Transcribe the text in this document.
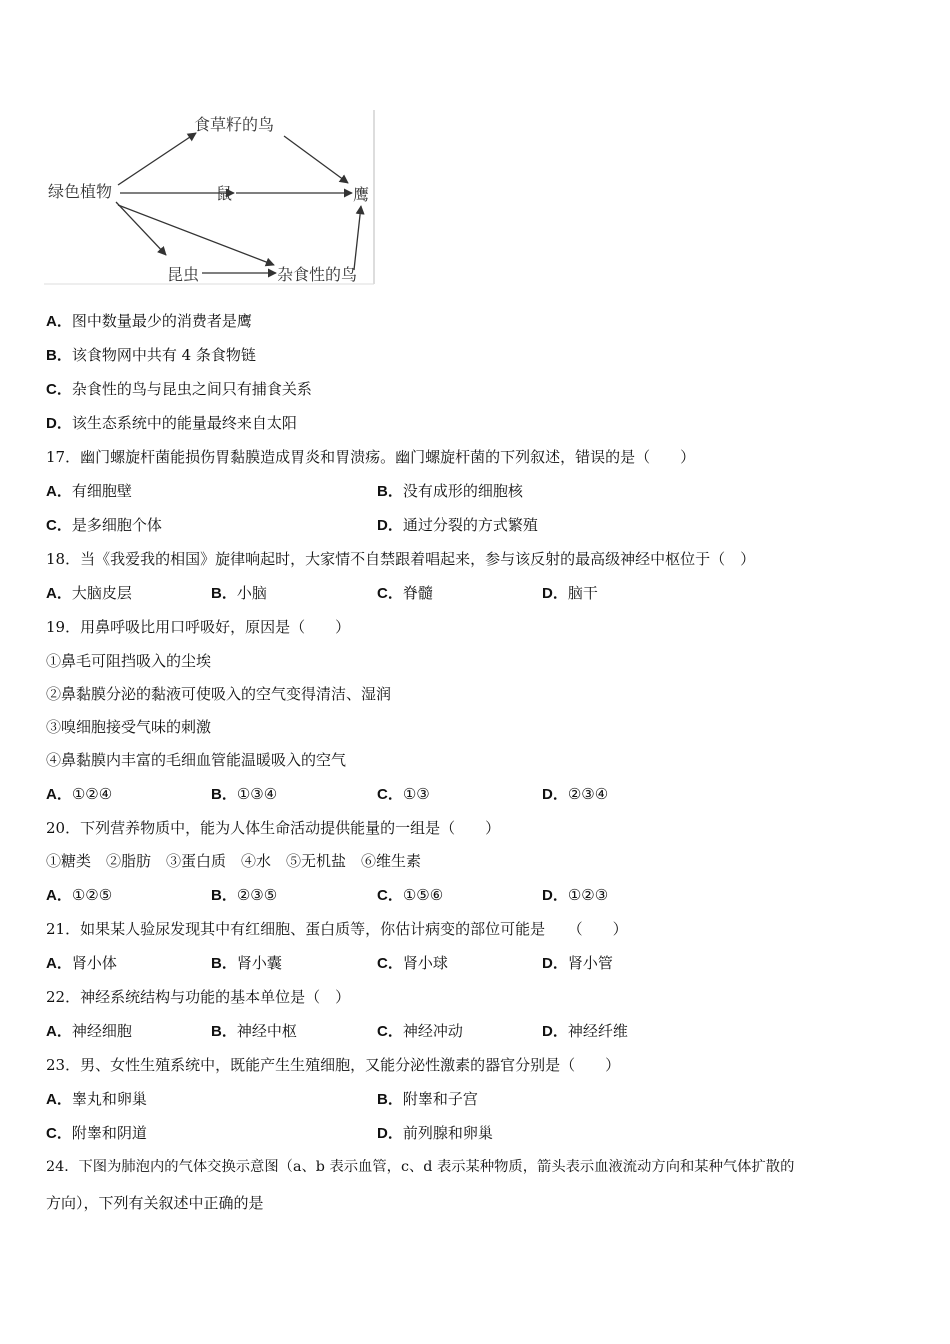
绿色植物
食草籽的鸟
鼠	鹰
昆虫	杂食性的鸟
A．图中数量最少的消费者是鹰
B．该食物网中共有 4 条食物链
C．杂食性的鸟与昆虫之间只有捕食关系
D．该生态系统中的能量最终来自太阳
17．幽门螺旋杆菌能损伤胃黏膜造成胃炎和胃溃疡。幽门螺旋杆菌的下列叙述，错误的是（　　）
A．有细胞壁	B．没有成形的细胞核
C．是多细胞个体	D．通过分裂的方式繁殖
18．当《我爱我的相国》旋律响起时，大家情不自禁跟着唱起来，参与该反射的最高级神经中枢位于（　）
A．大脑皮层	B．小脑	C．脊髓	D．脑干
19．用鼻呼吸比用口呼吸好，原因是（　　）
①鼻毛可阻挡吸入的尘埃
②鼻黏膜分泌的黏液可使吸入的空气变得清洁、湿润
③嗅细胞接受气味的刺激
④鼻黏膜内丰富的毛细血管能温暖吸入的空气
A．①②④	B．①③④	C．①③	D．②③④
20．下列营养物质中，能为人体生命活动提供能量的一组是（　　）
①糖类　②脂肪　③蛋白质　④水　⑤无机盐　⑥维生素
A．①②⑤	B．②③⑤	C．①⑤⑥	D．①②③
21．如果某人验尿发现其中有红细胞、蛋白质等，你估计病变的部位可能是　　（　　）
A．肾小体	B．肾小囊	C．肾小球	D．肾小管
22．神经系统结构与功能的基本单位是（　）
A．神经细胞	B．神经中枢	C．神经冲动	D．神经纤维
23．男、女性生殖系统中，既能产生生殖细胞，又能分泌性激素的器官分别是（　　）
A．睾丸和卵巢	B．附睾和子宫
C．附睾和阴道	D．前列腺和卵巢
24．下图为肺泡内的气体交换示意图（a、b 表示血管，c、d 表示某种物质，箭头表示血液流动方向和某种气体扩散的
方向），下列有关叙述中正确的是
